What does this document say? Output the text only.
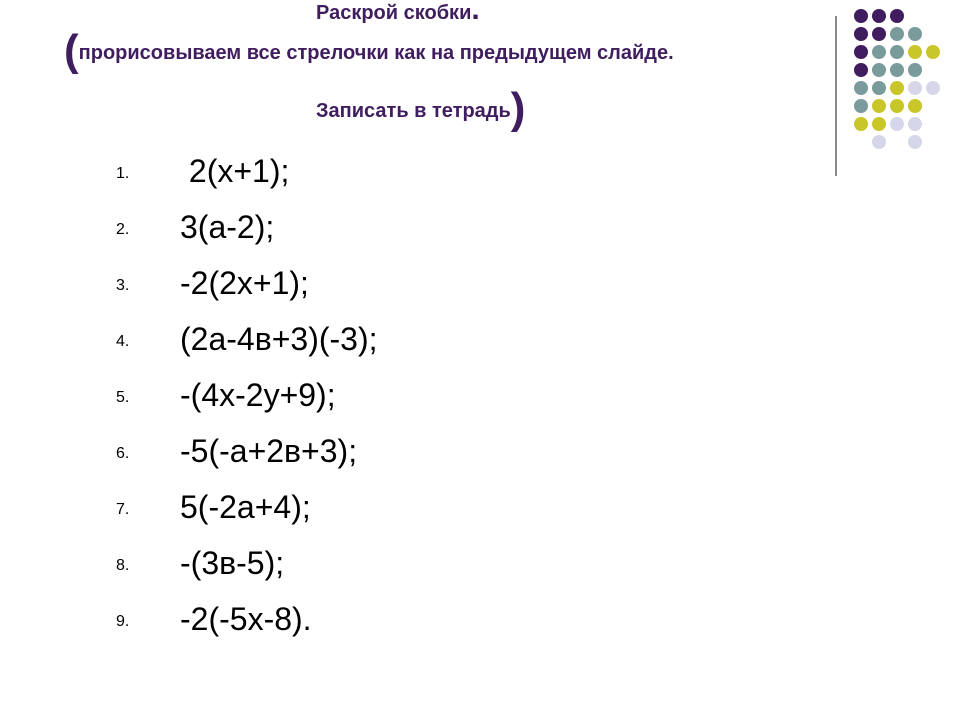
Раскрой скобки.
(прорисовываем все стрелочки как на предыдущем слайде.
Записать в тетрадь)
1. 2(х+1);
2. 3(а-2);
3. -2(2х+1);
4. (2а-4в+3)(-3);
5. -(4х-2у+9);
6. -5(-а+2в+3);
7. 5(-2а+4);
8. -(3в-5);
9. -2(-5х-8).
